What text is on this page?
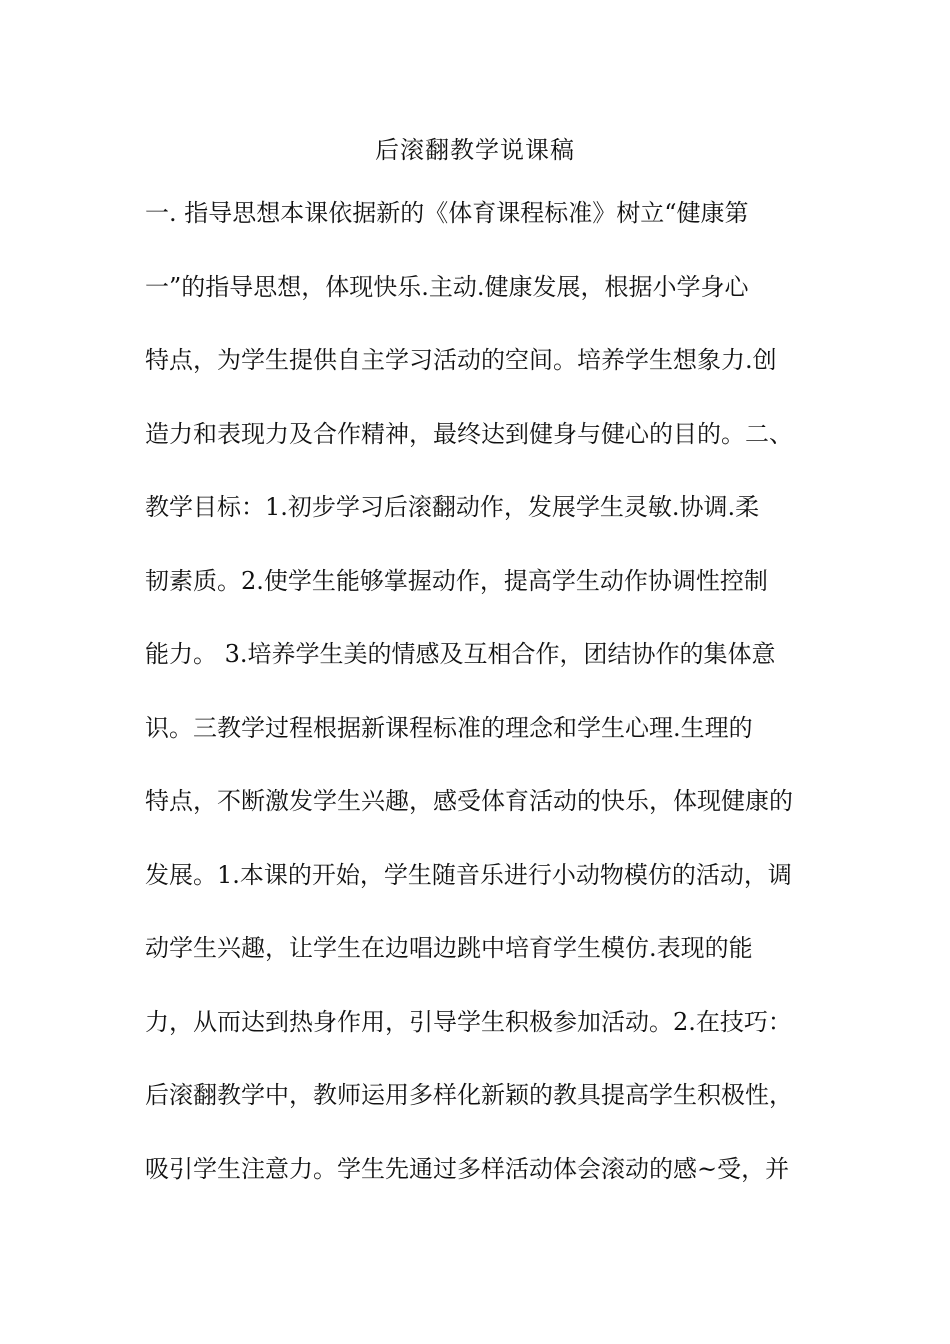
后滚翻教学说课稿
一. 指导思想本课依据新的《体育课程标准》树立“健康第
一”的指导思想，体现快乐.主动.健康发展，根据小学身心
特点，为学生提供自主学习活动的空间。培养学生想象力.创
造力和表现力及合作精神，最终达到健身与健心的目的。二、
教学目标：1.初步学习后滚翻动作，发展学生灵敏.协调.柔
韧素质。2.使学生能够掌握动作，提高学生动作协调性控制
能力。 3.培养学生美的情感及互相合作，团结协作的集体意
识。三教学过程根据新课程标准的理念和学生心理.生理的
特点，不断激发学生兴趣，感受体育活动的快乐，体现健康的
发展。1.本课的开始，学生随音乐进行小动物模仿的活动，调
动学生兴趣，让学生在边唱边跳中培育学生模仿.表现的能
力，从而达到热身作用，引导学生积极参加活动。2.在技巧：
后滚翻教学中，教师运用多样化新颖的教具提高学生积极性，
吸引学生注意力。学生先通过多样活动体会滚动的感~受，并
